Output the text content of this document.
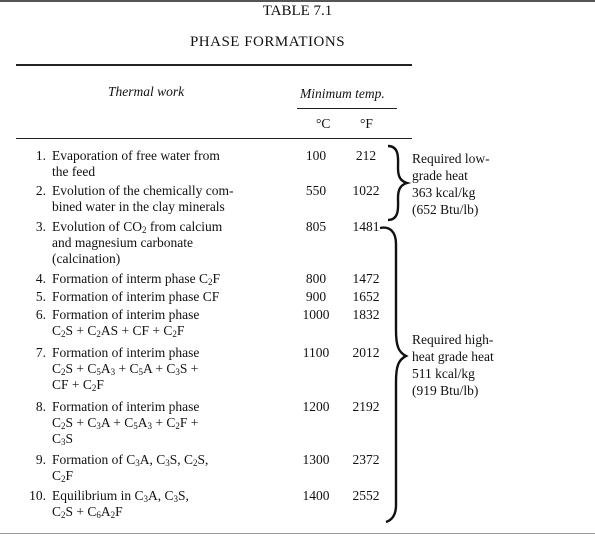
TABLE 7.1
PHASE FORMATIONS
Thermal work	Minimum temp.
°C °F
1. Evaporation of free water from
the feed
100	212
2. Evolution of the chemically com-
bined water in the clay minerals
550	1022
3. Evolution of $CO_2$ from calcium
and magnesium carbonate
(calcination)
805	1481
4. Formation of interm phase $C_2F$	800	1472
5. Formation of interim phase CF	900	1652
6. Formation of interim phase
$C_2S + C_2AS$ + CF + $C_2F$
1000	1832
7. Formation of interim phase
$C_2S + C_5A_3 + C_5A + C_3S$ +
CF + $C_2F$
1100	2012
8. Formation of interim phase
$C_2S + C_3A + C_5A_3 + C_2F$ +
$C_3S$
1200	2192
9. Formation of $C_3A$, $C_3S$, $C_2S$,
$C_2F$
1300	2372
10. Equilibrium in $C_3A$, $C_3S$,
$C_2S + C_6A_2F$
1400	2552
Required low-
grade heat
363 kcal/kg
(652 Btu/lb)
Required high-
heat grade heat
511 kcal/kg
(919 Btu/lb)
